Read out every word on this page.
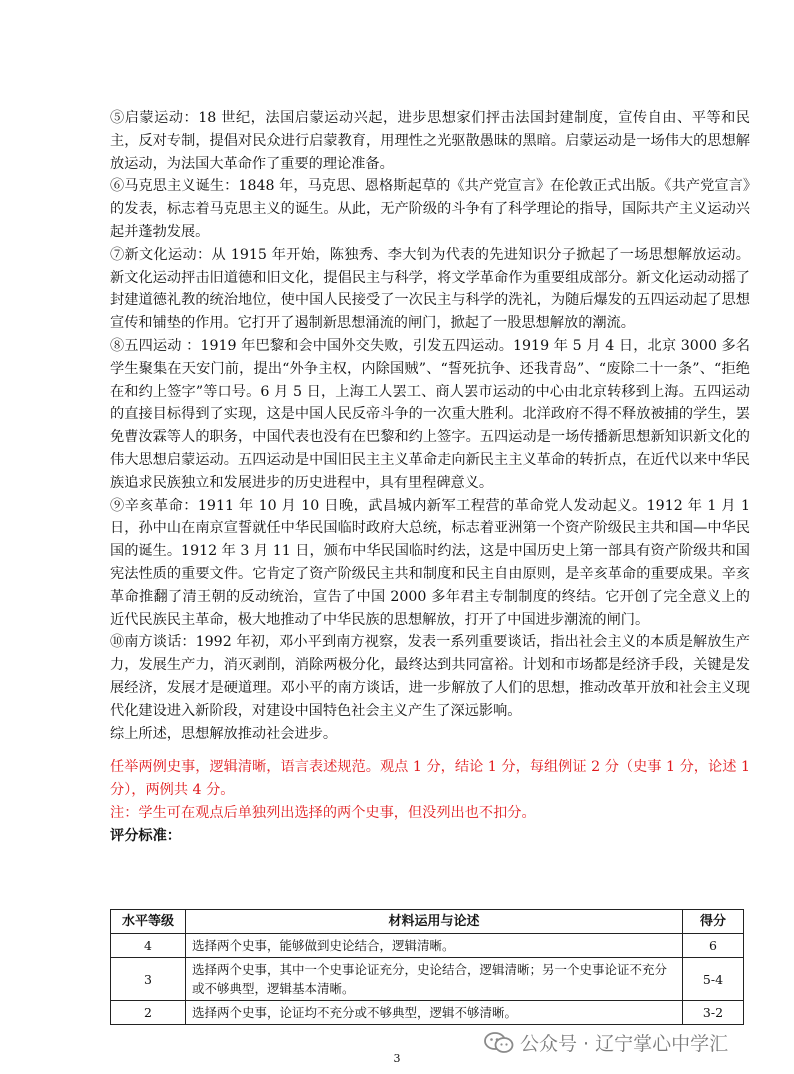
⑤启蒙运动：18 世纪，法国启蒙运动兴起，进步思想家们抨击法国封建制度，宣传自由、平等和民主，反对专制，提倡对民众进行启蒙教育，用理性之光驱散愚昧的黑暗。启蒙运动是一场伟大的思想解放运动，为法国大革命作了重要的理论准备。

⑥马克思主义诞生：1848 年，马克思、恩格斯起草的《共产党宣言》在伦敦正式出版。《共产党宣言》的发表，标志着马克思主义的诞生。从此，无产阶级的斗争有了科学理论的指导，国际共产主义运动兴起并蓬勃发展。

⑦新文化运动：从 1915 年开始，陈独秀、李大钊为代表的先进知识分子掀起了一场思想解放运动。新文化运动抨击旧道德和旧文化，提倡民主与科学，将文学革命作为重要组成部分。新文化运动动摇了封建道德礼教的统治地位，使中国人民接受了一次民主与科学的洗礼，为随后爆发的五四运动起了思想宣传和铺垫的作用。它打开了遏制新思想涌流的闸门，掀起了一股思想解放的潮流。

⑧五四运动 ：1919 年巴黎和会中国外交失败，引发五四运动。1919 年 5 月 4 日，北京 3000 多名学生聚集在天安门前，提出“外争主权，内除国贼”、“誓死抗争、还我青岛”、“废除二十一条”、“拒绝在和约上签字”等口号。6 月 5 日，上海工人罢工、商人罢市运动的中心由北京转移到上海。五四运动的直接目标得到了实现，这是中国人民反帝斗争的一次重大胜利。北洋政府不得不释放被捕的学生，罢免曹汝霖等人的职务，中国代表也没有在巴黎和约上签字。五四运动是一场传播新思想新知识新文化的伟大思想启蒙运动。五四运动是中国旧民主主义革命走向新民主主义革命的转折点，在近代以来中华民族追求民族独立和发展进步的历史进程中，具有里程碑意义。

⑨辛亥革命：1911 年 10 月 10 日晚，武昌城内新军工程营的革命党人发动起义。1912 年 1 月 1 日，孙中山在南京宣誓就任中华民国临时政府大总统，标志着亚洲第一个资产阶级民主共和国—中华民国的诞生。1912 年 3 月 11 日，颁布中华民国临时约法，这是中国历史上第一部具有资产阶级共和国宪法性质的重要文件。它肯定了资产阶级民主共和制度和民主自由原则，是辛亥革命的重要成果。辛亥革命推翻了清王朝的反动统治，宣告了中国 2000 多年君主专制制度的终结。它开创了完全意义上的近代民族民主革命，极大地推动了中华民族的思想解放，打开了中国进步潮流的闸门。

⑩南方谈话：1992 年初，邓小平到南方视察，发表一系列重要谈话，指出社会主义的本质是解放生产力，发展生产力，消灭剥削，消除两极分化，最终达到共同富裕。计划和市场都是经济手段，关键是发展经济，发展才是硬道理。邓小平的南方谈话，进一步解放了人们的思想，推动改革开放和社会主义现代化建设进入新阶段，对建设中国特色社会主义产生了深远影响。

综上所述，思想解放推动社会进步。

任举两例史事，逻辑清晰，语言表述规范。观点 1 分，结论 1 分，每组例证 2 分（史事 1 分，论述 1 分），两例共 4 分。

注：学生可在观点后单独列出选择的两个史事，但没列出也不扣分。

评分标准：

水平等级	材料运用与论述	得分
4	选择两个史事，能够做到史论结合，逻辑清晰。	6
3	选择两个史事，其中一个史事论证充分，史论结合，逻辑清晰；另一个史事论证不充分或不够典型，逻辑基本清晰。	5-4
2	选择两个史事，论证均不充分或不够典型，逻辑不够清晰。	3-2
公众号 · 辽宁掌心中学汇
3
